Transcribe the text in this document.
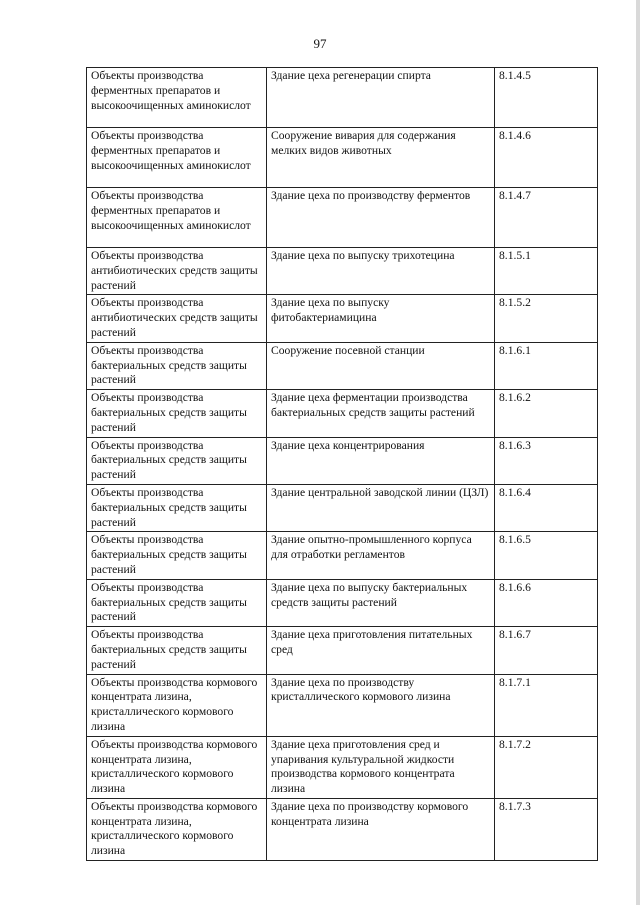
97
Объекты производства ферментных препаратов и высокоочищенных аминокислот	Здание цеха регенерации спирта	8.1.4.5
Объекты производства ферментных препаратов и высокоочищенных аминокислот	Сооружение вивария для содержания мелких видов животных	8.1.4.6
Объекты производства ферментных препаратов и высокоочищенных аминокислот	Здание цеха по производству ферментов	8.1.4.7
Объекты производства антибиотических средств защиты растений	Здание цеха по выпуску трихотецина	8.1.5.1
Объекты производства антибиотических средств защиты растений	Здание цеха по выпуску фитобактериамицина	8.1.5.2
Объекты производства бактериальных средств защиты растений	Сооружение посевной станции	8.1.6.1
Объекты производства бактериальных средств защиты растений	Здание цеха ферментации производства бактериальных средств защиты растений	8.1.6.2
Объекты производства бактериальных средств защиты растений	Здание цеха концентрирования	8.1.6.3
Объекты производства бактериальных средств защиты растений	Здание центральной заводской линии (ЦЗЛ)	8.1.6.4
Объекты производства бактериальных средств защиты растений	Здание опытно-промышленного корпуса для отработки регламентов	8.1.6.5
Объекты производства бактериальных средств защиты растений	Здание цеха по выпуску бактериальных средств защиты растений	8.1.6.6
Объекты производства бактериальных средств защиты растений	Здание цеха приготовления питательных сред	8.1.6.7
Объекты производства кормового концентрата лизина, кристаллического кормового лизина	Здание цеха по производству кристаллического кормового лизина	8.1.7.1
Объекты производства кормового концентрата лизина, кристаллического кормового лизина	Здание цеха приготовления сред и упаривания культуральной жидкости производства кормового концентрата лизина	8.1.7.2
Объекты производства кормового концентрата лизина, кристаллического кормового лизина	Здание цеха по производству кормового концентрата лизина	8.1.7.3
